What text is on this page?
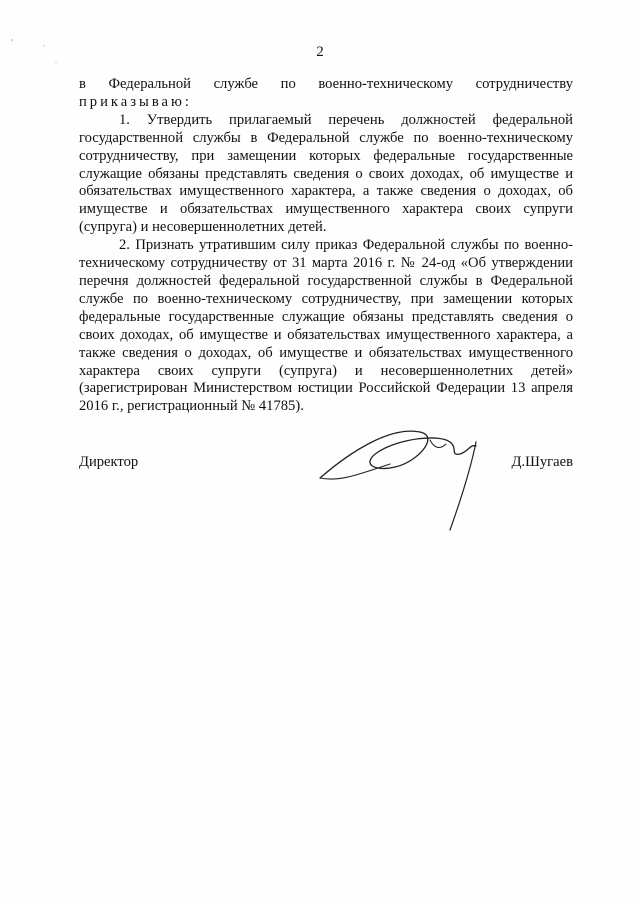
2

в Федеральной службе по военно-техническому сотрудничеству

приказываю:

1. Утвердить прилагаемый перечень должностей федеральной государственной службы в Федеральной службе по военно-техническому сотрудничеству, при замещении которых федеральные государственные служащие обязаны представлять сведения о своих доходах, об имуществе и обязательствах имущественного характера, а также сведения о доходах, об имуществе и обязательствах имущественного характера своих супруги (супруга) и несовершеннолетних детей.

2. Признать утратившим силу приказ Федеральной службы по военно-техническому сотрудничеству от 31 марта 2016 г. № 24-од «Об утверждении перечня должностей федеральной государственной службы в Федеральной службе по военно-техническому сотрудничеству, при замещении которых федеральные государственные служащие обязаны представлять сведения о своих доходах, об имуществе и обязательствах имущественного характера, а также сведения о доходах, об имуществе и обязательствах имущественного характера своих супруги (супруга) и несовершеннолетних детей» (зарегистрирован Министерством юстиции Российской Федерации 13 апреля 2016 г., регистрационный № 41785).

Директор	Д.Шугаев
